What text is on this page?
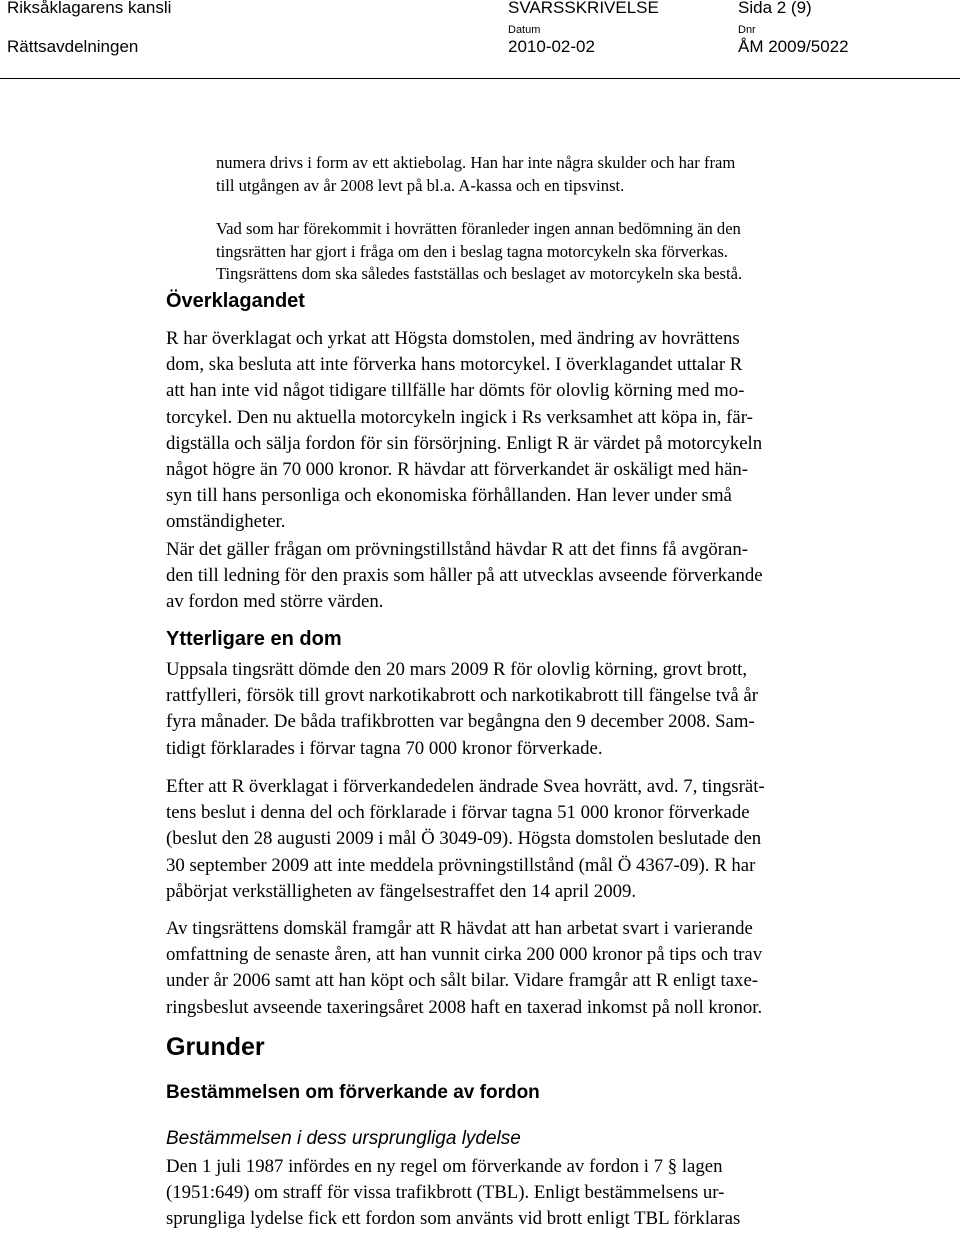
Riksåklagarens kansli
Rättsavdelningen
SVARSSKRIVELSE	Sida 2 (9)
Datum
2010-02-02
Dnr
ÅM 2009/5022
numera drivs i form av ett aktiebolag. Han har inte några skulder och har fram
till utgången av år 2008 levt på bl.a. A-kassa och en tipsvinst.
Vad som har förekommit i hovrätten föranleder ingen annan bedömning än den
tingsrätten har gjort i fråga om den i beslag tagna motorcykeln ska förverkas.
Tingsrättens dom ska således fastställas och beslaget av motorcykeln ska bestå.
Överklagandet
R har överklagat och yrkat att Högsta domstolen, med ändring av hovrättens
dom, ska besluta att inte förverka hans motorcykel. I överklagandet uttalar R
att han inte vid något tidigare tillfälle har dömts för olovlig körning med mo-
torcykel. Den nu aktuella motorcykeln ingick i Rs verksamhet att köpa in, fär-
digställa och sälja fordon för sin försörjning. Enligt R är värdet på motorcykeln
något högre än 70 000 kronor. R hävdar att förverkandet är oskäligt med hän-
syn till hans personliga och ekonomiska förhållanden. Han lever under små
omständigheter.
När det gäller frågan om prövningstillstånd hävdar R att det finns få avgöran-
den till ledning för den praxis som håller på att utvecklas avseende förverkande
av fordon med större värden.
Ytterligare en dom
Uppsala tingsrätt dömde den 20 mars 2009 R för olovlig körning, grovt brott,
rattfylleri, försök till grovt narkotikabrott och narkotikabrott till fängelse två år
fyra månader. De båda trafikbrotten var begångna den 9 december 2008. Sam-
tidigt förklarades i förvar tagna 70 000 kronor förverkade.
Efter att R överklagat i förverkandedelen ändrade Svea hovrätt, avd. 7, tingsrät-
tens beslut i denna del och förklarade i förvar tagna 51 000 kronor förverkade
(beslut den 28 augusti 2009 i mål Ö 3049-09). Högsta domstolen beslutade den
30 september 2009 att inte meddela prövningstillstånd (mål Ö 4367-09). R har
påbörjat verkställigheten av fängelsestraffet den 14 april 2009.
Av tingsrättens domskäl framgår att R hävdat att han arbetat svart i varierande
omfattning de senaste åren, att han vunnit cirka 200 000 kronor på tips och trav
under år 2006 samt att han köpt och sålt bilar. Vidare framgår att R enligt taxe-
ringsbeslut avseende taxeringsåret 2008 haft en taxerad inkomst på noll kronor.
Grunder
Bestämmelsen om förverkande av fordon
Bestämmelsen i dess ursprungliga lydelse
Den 1 juli 1987 infördes en ny regel om förverkande av fordon i 7 § lagen
(1951:649) om straff för vissa trafikbrott (TBL). Enligt bestämmelsens ur-
sprungliga lydelse fick ett fordon som använts vid brott enligt TBL förklaras
